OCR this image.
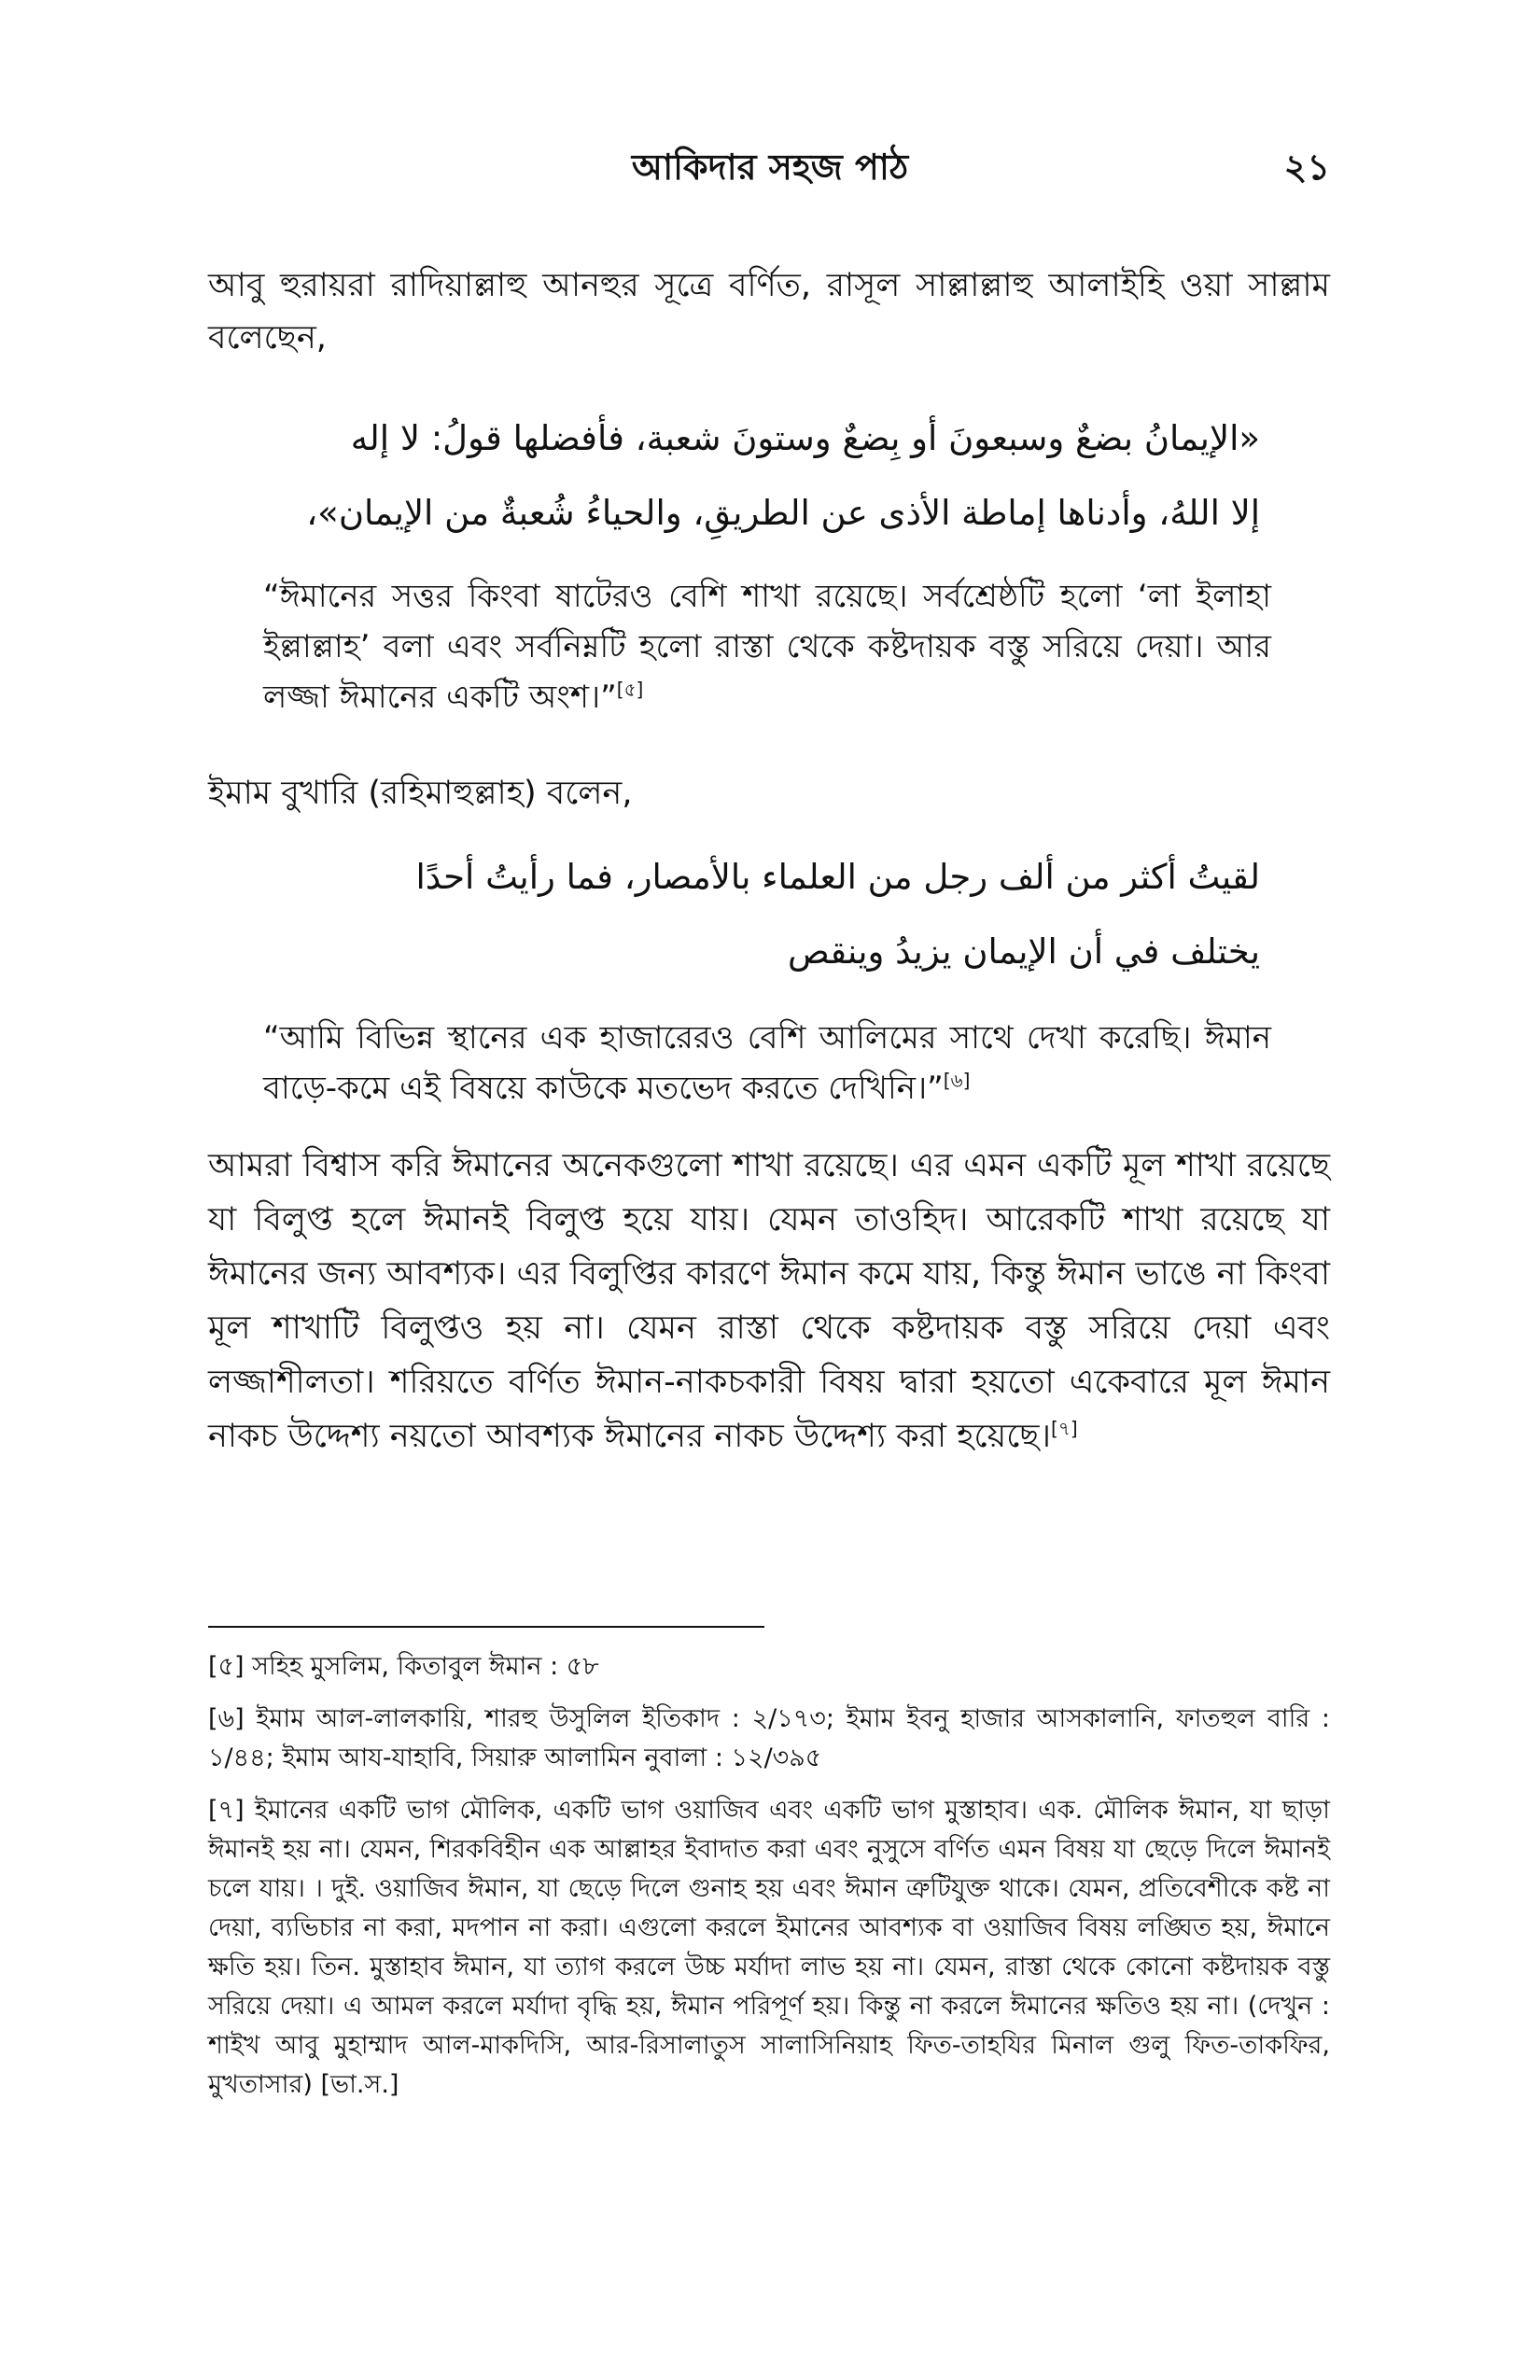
আকিদার সহজ পাঠ	২১
আবু হুরায়রা রাদিয়াল্লাহু আনহুর সূত্রে বর্ণিত, রাসূল সাল্লাল্লাহু আলাইহি ওয়া সাল্লাম বলেছেন,
«الإيمانُ بضعٌ وسبعونَ أو بِضعٌ وستونَ شعبة، فأفضلها قولُ: لا إله
إلا اللهُ، وأدناها إماطة الأذى عن الطريقِ، والحياءُ شُعبةٌ من الإيمان»،
“ঈমানের সত্তর কিংবা ষাটেরও বেশি শাখা রয়েছে। সর্বশ্রেষ্ঠটি হলো ‘লা ইলাহা ইল্লাল্লাহ’ বলা এবং সর্বনিম্নটি হলো রাস্তা থেকে কষ্টদায়ক বস্তু সরিয়ে দেয়া। আর লজ্জা ঈমানের একটি অংশ।”[৫]
ইমাম বুখারি (রহিমাহুল্লাহ) বলেন,
لقيتُ أكثر من ألف رجل من العلماء بالأمصار، فما رأيتُ أحدًا
يختلف في أن الإيمان يزيدُ وينقص
“আমি বিভিন্ন স্থানের এক হাজারেরও বেশি আলিমের সাথে দেখা করেছি। ঈমান বাড়ে-কমে এই বিষয়ে কাউকে মতভেদ করতে দেখিনি।”[৬]
আমরা বিশ্বাস করি ঈমানের অনেকগুলো শাখা রয়েছে। এর এমন একটি মূল শাখা রয়েছে যা বিলুপ্ত হলে ঈমানই বিলুপ্ত হয়ে যায়। যেমন তাওহিদ। আরেকটি শাখা রয়েছে যা ঈমানের জন্য আবশ্যক। এর বিলুপ্তির কারণে ঈমান কমে যায়, কিন্তু ঈমান ভাঙে না কিংবা মূল শাখাটি বিলুপ্তও হয় না। যেমন রাস্তা থেকে কষ্টদায়ক বস্তু সরিয়ে দেয়া এবং লজ্জাশীলতা। শরিয়তে বর্ণিত ঈমান-নাকচকারী বিষয় দ্বারা হয়তো একেবারে মূল ঈমান নাকচ উদ্দেশ্য নয়তো আবশ্যক ঈমানের নাকচ উদ্দেশ্য করা হয়েছে।[৭]

[৫] সহিহ মুসলিম, কিতাবুল ঈমান : ৫৮

[৬] ইমাম আল-লালকায়ি, শারহু উসুলিল ইতিকাদ : ২/১৭৩; ইমাম ইবনু হাজার আসকালানি, ফাতহুল বারি : ১/৪৪; ইমাম আয-যাহাবি, সিয়ারু আলামিন নুবালা : ১২/৩৯৫

[৭] ইমানের একটি ভাগ মৌলিক, একটি ভাগ ওয়াজিব এবং একটি ভাগ মুস্তাহাব। এক. মৌলিক ঈমান, যা ছাড়া ঈমানই হয় না। যেমন, শিরকবিহীন এক আল্লাহর ইবাদাত করা এবং নুসুসে বর্ণিত এমন বিষয় যা ছেড়ে দিলে ঈমানই চলে যায়। । দুই. ওয়াজিব ঈমান, যা ছেড়ে দিলে গুনাহ হয় এবং ঈমান ত্রুটিযুক্ত থাকে। যেমন, প্রতিবেশীকে কষ্ট না দেয়া, ব্যভিচার না করা, মদপান না করা। এগুলো করলে ইমানের আবশ্যক বা ওয়াজিব বিষয় লঙ্ঘিত হয়, ঈমানে ক্ষতি হয়। তিন. মুস্তাহাব ঈমান, যা ত্যাগ করলে উচ্চ মর্যাদা লাভ হয় না। যেমন, রাস্তা থেকে কোনো কষ্টদায়ক বস্তু সরিয়ে দেয়া। এ আমল করলে মর্যাদা বৃদ্ধি হয়, ঈমান পরিপূর্ণ হয়। কিন্তু না করলে ঈমানের ক্ষতিও হয় না। (দেখুন : শাইখ আবু মুহাম্মাদ আল-মাকদিসি, আর-রিসালাতুস সালাসিনিয়াহ ফিত-তাহযির মিনাল গুলু ফিত-তাকফির, মুখতাসার) [ভা.স.]
